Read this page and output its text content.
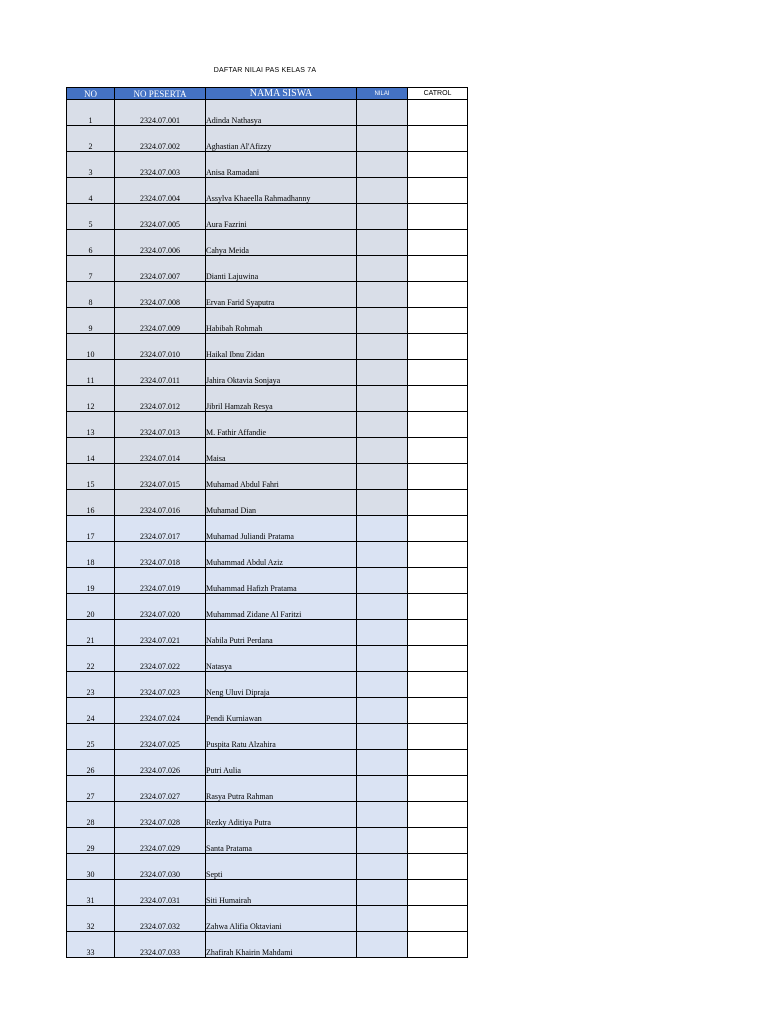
DAFTAR NILAI PAS KELAS 7A
NO	NO PESERTA	NAMA SISWA	NILAI	CATROL
1	2324.07.001	Adinda Nathasya		
2	2324.07.002	Aghastian Al'Afizzy		
3	2324.07.003	Anisa Ramadani		
4	2324.07.004	Assylva Khaeella Rahmadhanny		
5	2324.07.005	Aura Fazrini		
6	2324.07.006	Cahya Meida		
7	2324.07.007	Dianti Lajuwina		
8	2324.07.008	Ervan Farid Syaputra		
9	2324.07.009	Habibah Rohmah		
10	2324.07.010	Haikal Ibnu Zidan		
11	2324.07.011	Jahira Oktavia Sonjaya		
12	2324.07.012	Jibril Hamzah Resya		
13	2324.07.013	M. Fathir Affandie		
14	2324.07.014	Maisa		
15	2324.07.015	Muhamad Abdul Fahri		
16	2324.07.016	Muhamad Dian		
17	2324.07.017	Muhamad Juliandi Pratama		
18	2324.07.018	Muhammad Abdul Aziz		
19	2324.07.019	Muhammad Hafizh Pratama		
20	2324.07.020	Muhammad Zidane Al Faritzi		
21	2324.07.021	Nabila Putri Perdana		
22	2324.07.022	Natasya		
23	2324.07.023	Neng Uluvi Dipraja		
24	2324.07.024	Pendi Kurniawan		
25	2324.07.025	Puspita Ratu Alzahira		
26	2324.07.026	Putri Aulia		
27	2324.07.027	Rasya Putra Rahman		
28	2324.07.028	Rezky Aditiya Putra		
29	2324.07.029	Santa Pratama		
30	2324.07.030	Septi		
31	2324.07.031	Siti Humairah		
32	2324.07.032	Zahwa Alifia Oktaviani		
33	2324.07.033	Zhafirah Khairin Mahdami		
